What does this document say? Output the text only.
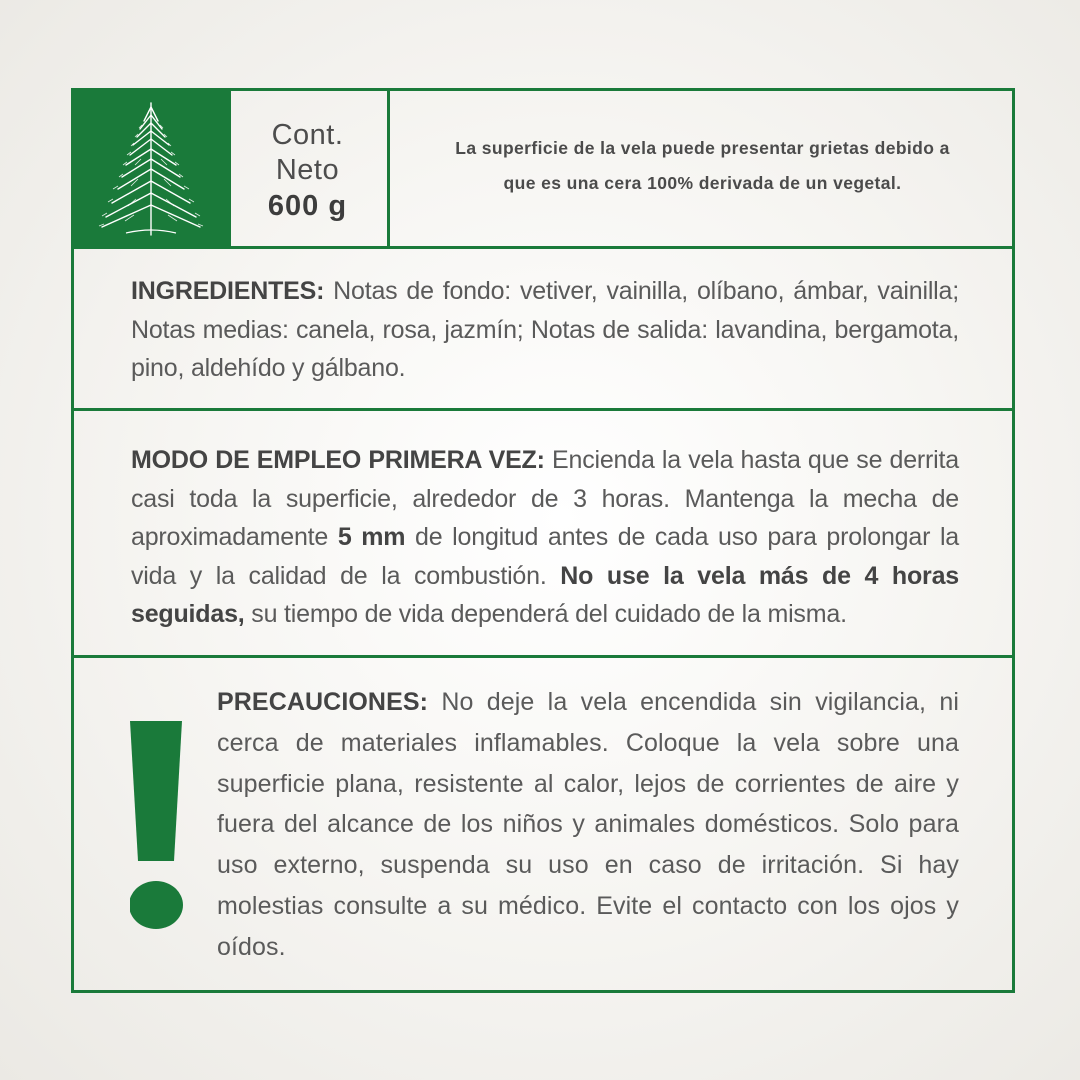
Cont.
Neto
600 g
La superficie de la vela puede presentar grietas debido a que es una cera 100% derivada de un vegetal.
INGREDIENTES: Notas de fondo: vetiver, vainilla, olíbano, ámbar, vainilla; Notas medias: canela, rosa, jazmín; Notas de salida: lavandina, bergamota, pino, aldehído y gálbano.
MODO DE EMPLEO PRIMERA VEZ: Encienda la vela hasta que se derrita casi toda la superficie, alrededor de 3 horas. Mantenga la mecha de aproximadamente 5 mm de longitud antes de cada uso para prolongar la vida y la calidad de la combustión. No use la vela más de 4 horas seguidas, su tiempo de vida dependerá del cuidado de la misma.
PRECAUCIONES: No deje la vela encendida sin vigilancia, ni cerca de materiales inflamables. Coloque la vela sobre una superficie plana, resistente al calor, lejos de corrientes de aire y fuera del alcance de los niños y animales domésticos. Solo para uso externo, suspenda su uso en caso de irritación. Si hay molestias consulte a su médico. Evite el contacto con los ojos y oídos.
